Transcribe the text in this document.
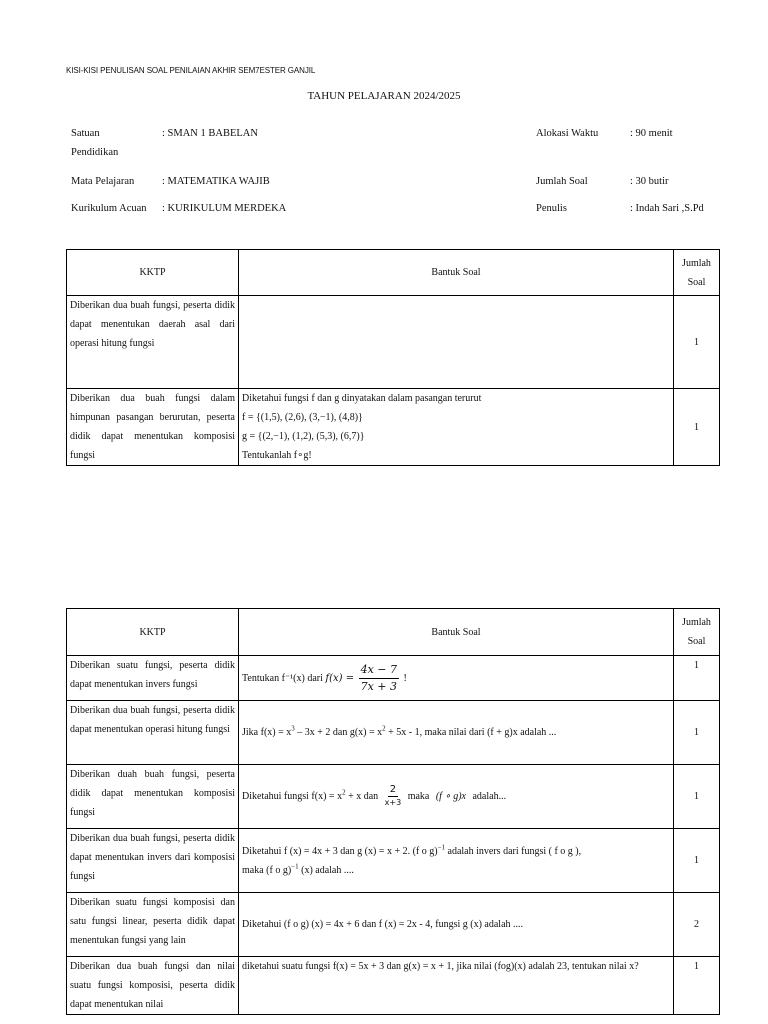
KISI-KISI PENULISAN SOAL PENILAIAN AKHIR SEM7ESTER GANJIL
TAHUN PELAJARAN 2024/2025
Satuan Pendidikan
: SMAN 1 BABELAN
Mata Pelajaran	: MATEMATIKA WAJIB
Kurikulum Acuan : KURIKULUM MERDEKA
Alokasi Waktu	: 90 menit
Jumlah Soal	: 30 butir
Penulis	: Indah Sari ,S.Pd
KKTP	Bantuk Soal	Jumlah Soal
Diberikan dua buah fungsi, peserta didik dapat menentukan daerah asal dari operasi hitung fungsi		1
Diberikan dua buah fungsi dalam himpunan pasangan berurutan, peserta didik dapat menentukan komposisi fungsi	Diketahui fungsi f dan g dinyatakan dalam pasangan terurut
f = {(1,5), (2,6), (3,−1), (4,8)}
g = {(2,−1), (1,2), (5,3), (6,7)}
Tentukanlah f∘g!	1
KKTP	Bantuk Soal	Jumlah Soal
Diberikan suatu fungsi, peserta didik dapat menentukan invers fungsi	Tentukan f⁻¹(x) dari $f(x) = \frac{4x - 7}{7x + 3}$ !	1
Diberikan dua buah fungsi, peserta didik dapat menentukan operasi hitung fungsi	Jika $f(x) = x^3 - 3x + 2$ dan $g(x) = x^2 + 5x - 1$, maka nilai dari (f + g)x adalah ...	1
Diberikan duah buah fungsi, peserta didik dapat menentukan komposisi fungsi	Diketahui fungsi $f(x) = x^2 + x$ dan $\frac{2}{x+3}$ maka (f ∘ g)x adalah...	1
Diberikan dua buah fungsi, peserta didik dapat menentukan invers dari komposisi fungsi	Diketahui f (x) = 4x + 3 dan g (x) = x + 2. (f o g)$^{-1}$ adalah invers dari fungsi ( f o g ),
maka (f o g)$^{-1}$ (x) adalah ....	1
Diberikan suatu fungsi komposisi dan satu fungsi linear, peserta didik dapat menentukan fungsi yang lain	Diketahui (f o g) (x) = 4x + 6 dan f (x) = 2x - 4, fungsi g (x) adalah ....	2
Diberikan dua buah fungsi dan nilai suatu fungsi komposisi, peserta didik dapat menentukan nilai	diketahui suatu fungsi f(x) = 5x + 3 dan g(x) = x + 1, jika nilai (fog)(x) adalah 23, tentukan nilai x?	1
